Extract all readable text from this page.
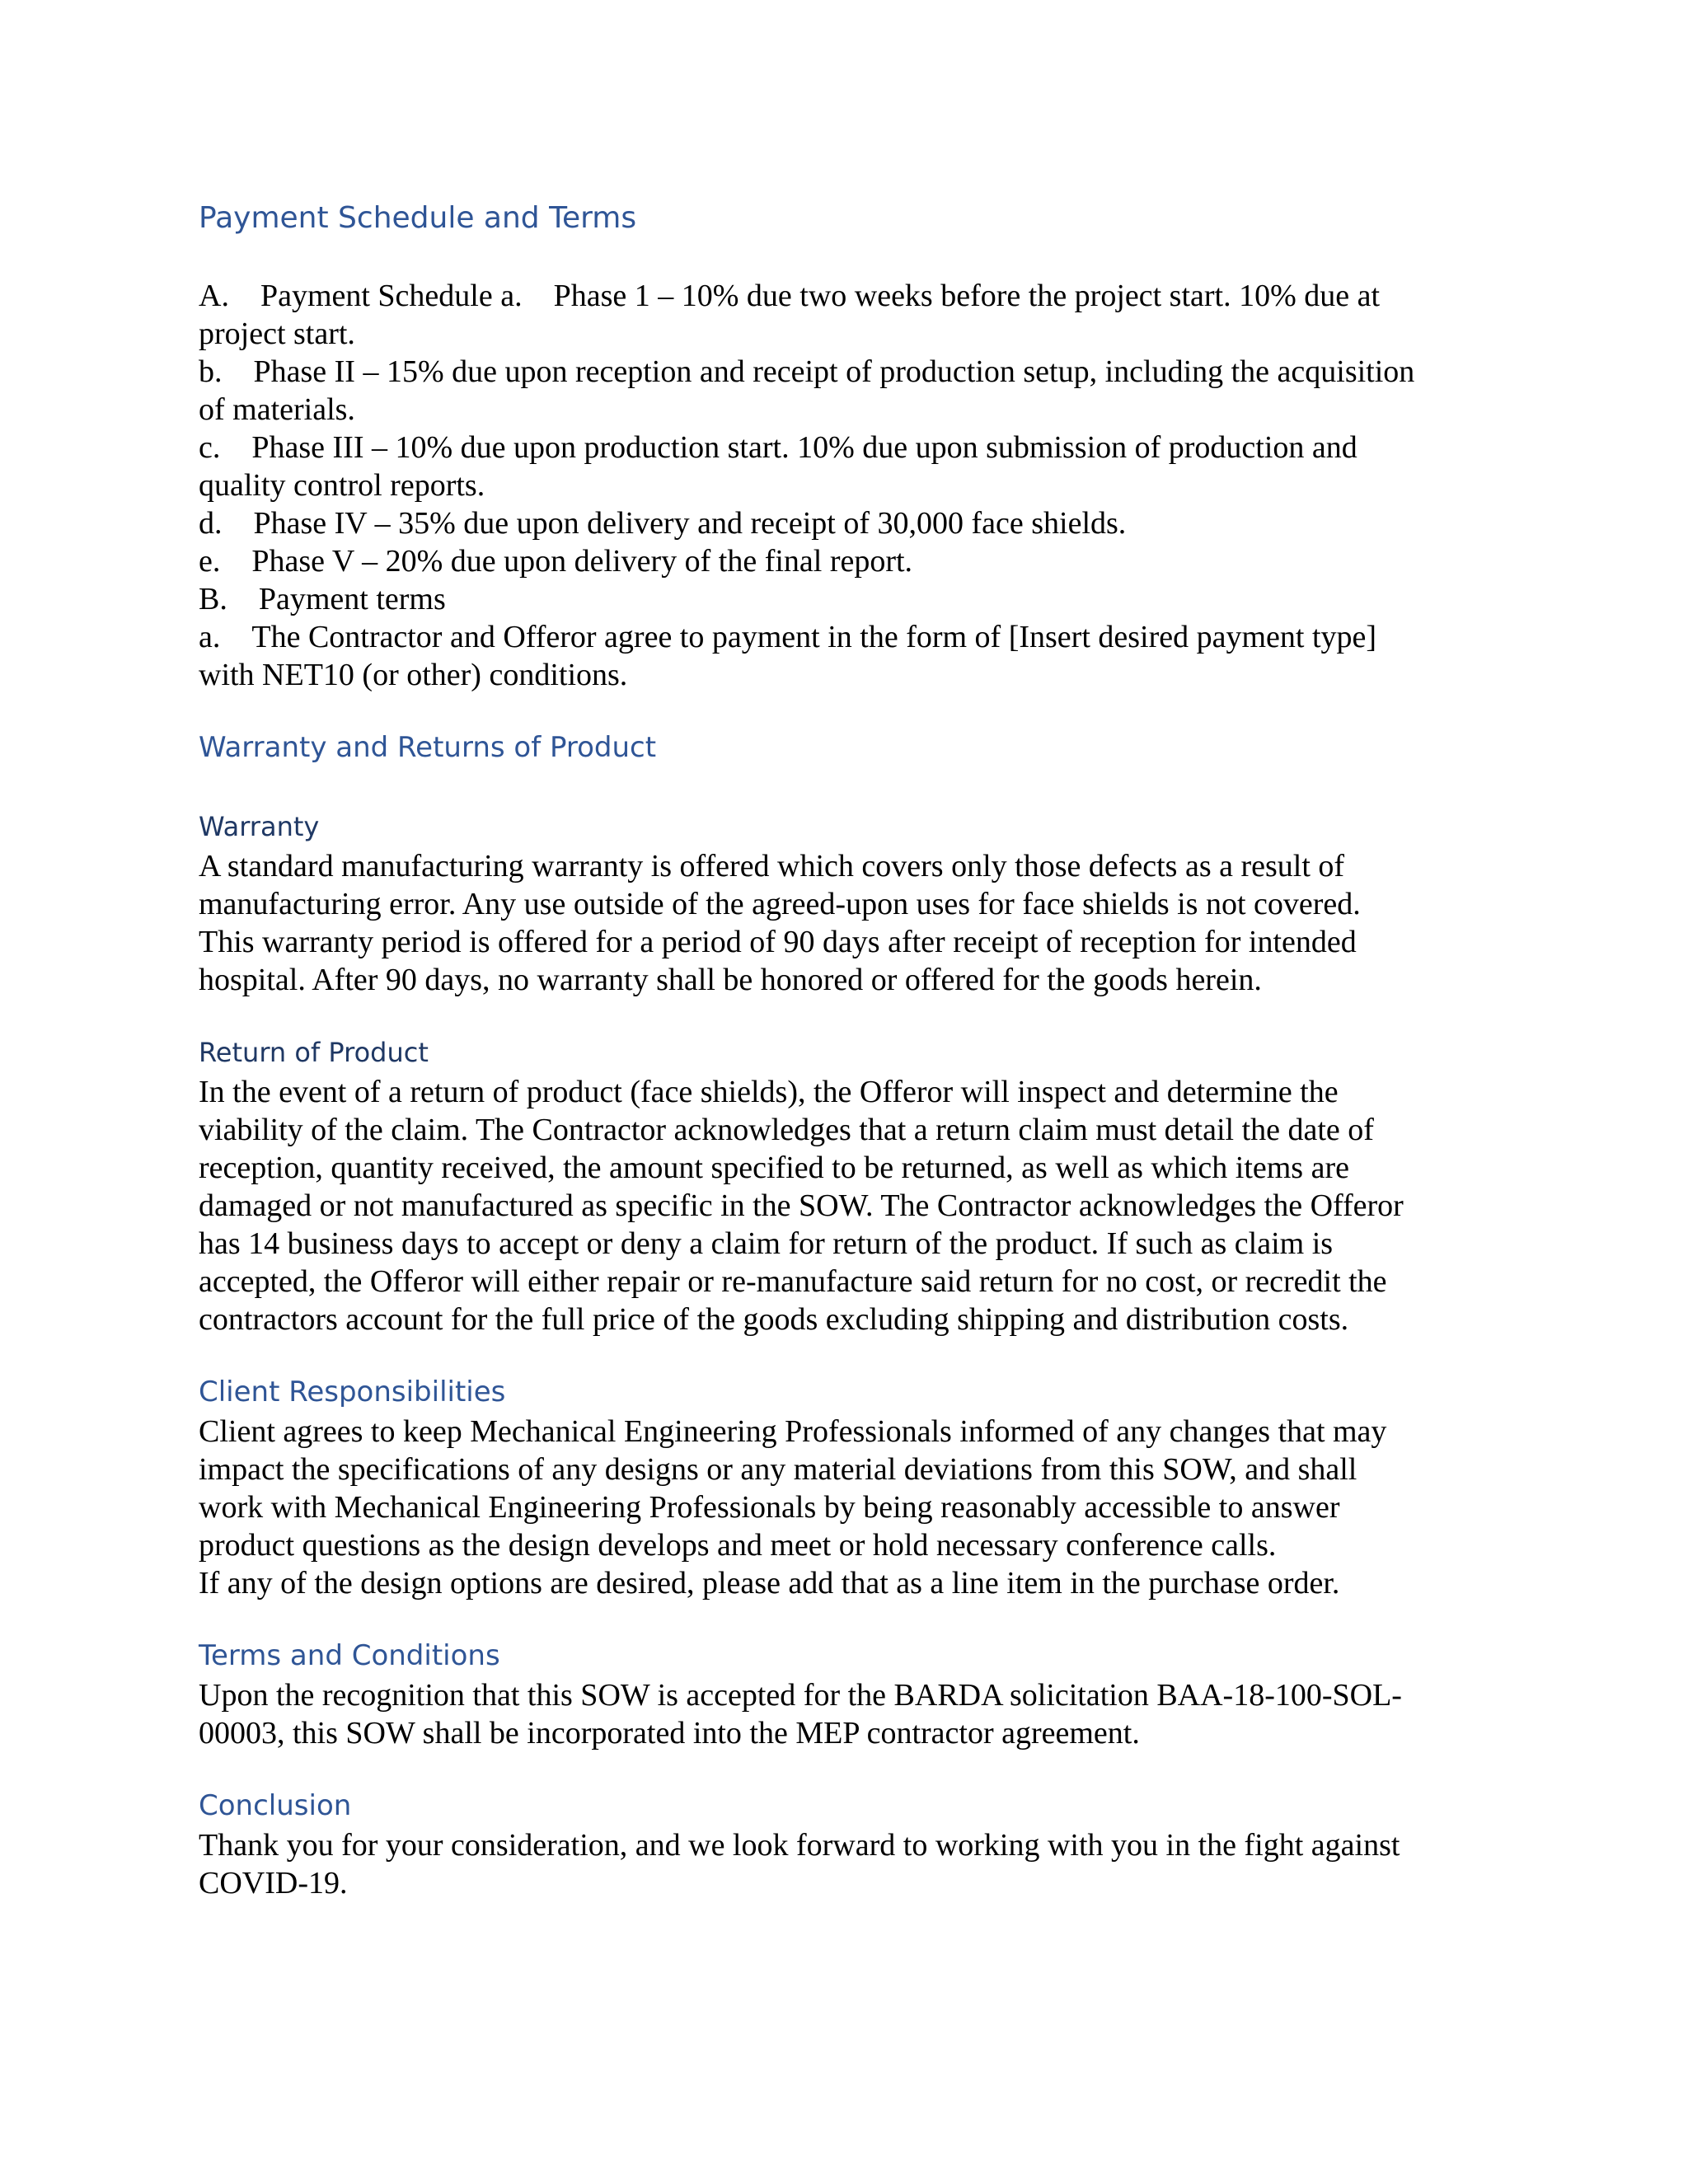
Payment Schedule and Terms
A. Payment Schedule a. Phase 1 – 10% due two weeks before the project start. 10% due at
project start.
b. Phase II – 15% due upon reception and receipt of production setup, including the acquisition
of materials.
c. Phase III – 10% due upon production start. 10% due upon submission of production and
quality control reports.
d. Phase IV – 35% due upon delivery and receipt of 30,000 face shields.
e. Phase V – 20% due upon delivery of the final report.
B. Payment terms
a. The Contractor and Offeror agree to payment in the form of [Insert desired payment type]
with NET10 (or other) conditions.
Warranty and Returns of Product
Warranty
A standard manufacturing warranty is offered which covers only those defects as a result of
manufacturing error. Any use outside of the agreed-upon uses for face shields is not covered.
This warranty period is offered for a period of 90 days after receipt of reception for intended
hospital. After 90 days, no warranty shall be honored or offered for the goods herein.
Return of Product
In the event of a return of product (face shields), the Offeror will inspect and determine the
viability of the claim. The Contractor acknowledges that a return claim must detail the date of
reception, quantity received, the amount specified to be returned, as well as which items are
damaged or not manufactured as specific in the SOW. The Contractor acknowledges the Offeror
has 14 business days to accept or deny a claim for return of the product. If such as claim is
accepted, the Offeror will either repair or re-manufacture said return for no cost, or recredit the
contractors account for the full price of the goods excluding shipping and distribution costs.
Client Responsibilities
Client agrees to keep Mechanical Engineering Professionals informed of any changes that may
impact the specifications of any designs or any material deviations from this SOW, and shall
work with Mechanical Engineering Professionals by being reasonably accessible to answer
product questions as the design develops and meet or hold necessary conference calls.
If any of the design options are desired, please add that as a line item in the purchase order.
Terms and Conditions
Upon the recognition that this SOW is accepted for the BARDA solicitation BAA-18-100-SOL-
00003, this SOW shall be incorporated into the MEP contractor agreement.
Conclusion
Thank you for your consideration, and we look forward to working with you in the fight against
COVID-19.
